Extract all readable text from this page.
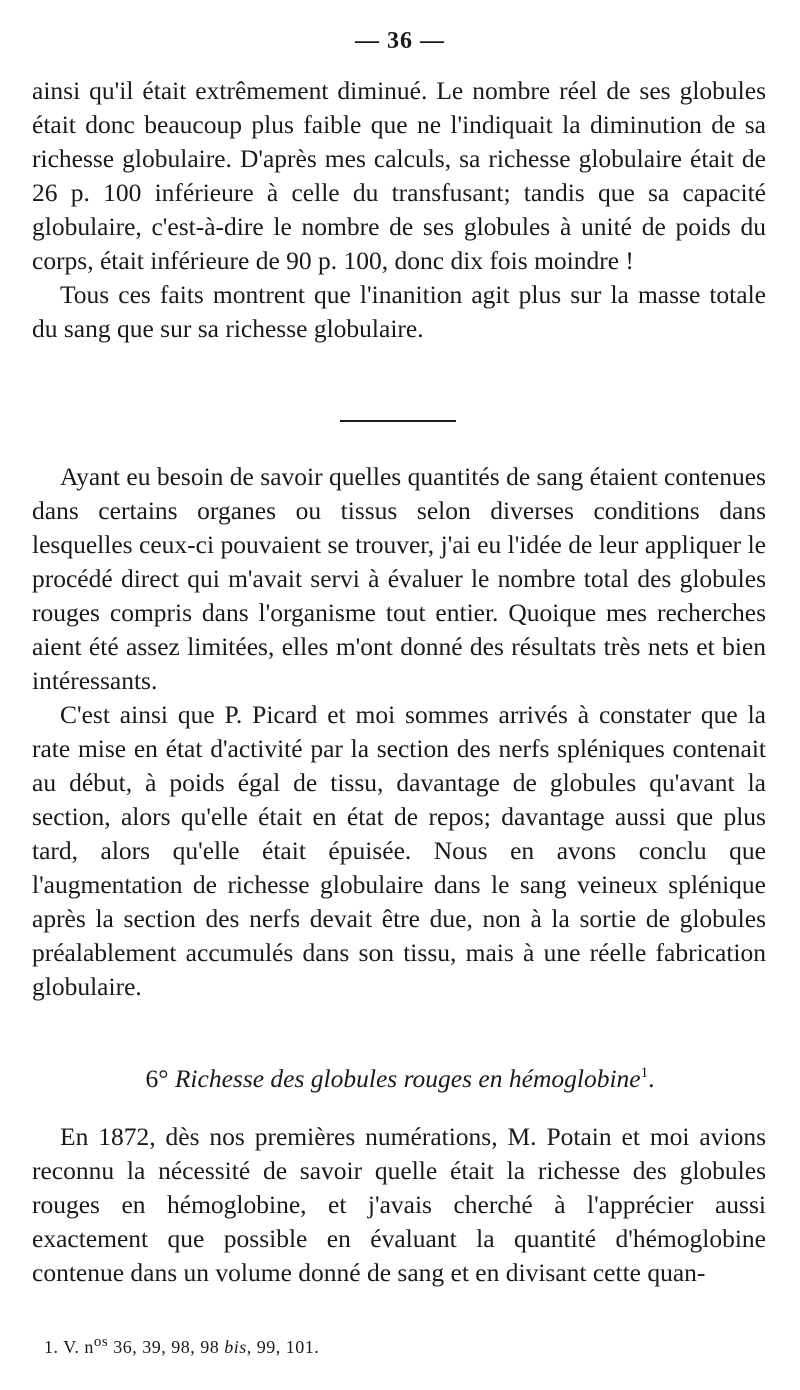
— 36 —

ainsi qu'il était extrêmement diminué. Le nombre réel de ses globules était donc beaucoup plus faible que ne l'indiquait la diminution de sa richesse globulaire. D'après mes calculs, sa richesse globulaire était de 26 p. 100 inférieure à celle du transfusant; tandis que sa capacité globulaire, c'est-à-dire le nombre de ses globules à unité de poids du corps, était inférieure de 90 p. 100, donc dix fois moindre !

Tous ces faits montrent que l'inanition agit plus sur la masse totale du sang que sur sa richesse globulaire.

Ayant eu besoin de savoir quelles quantités de sang étaient contenues dans certains organes ou tissus selon diverses conditions dans lesquelles ceux-ci pouvaient se trouver, j'ai eu l'idée de leur appliquer le procédé direct qui m'avait servi à évaluer le nombre total des globules rouges compris dans l'organisme tout entier. Quoique mes recherches aient été assez limitées, elles m'ont donné des résultats très nets et bien intéressants.

C'est ainsi que P. Picard et moi sommes arrivés à constater que la rate mise en état d'activité par la section des nerfs spléniques contenait au début, à poids égal de tissu, davantage de globules qu'avant la section, alors qu'elle était en état de repos; davantage aussi que plus tard, alors qu'elle était épuisée. Nous en avons conclu que l'augmentation de richesse globulaire dans le sang veineux splénique après la section des nerfs devait être due, non à la sortie de globules préalablement accumulés dans son tissu, mais à une réelle fabrication globulaire.

6° Richesse des globules rouges en hémoglobine$^1$.

En 1872, dès nos premières numérations, M. Potain et moi avions reconnu la nécessité de savoir quelle était la richesse des globules rouges en hémoglobine, et j'avais cherché à l'apprécier aussi exactement que possible en évaluant la quantité d'hémoglobine contenue dans un volume donné de sang et en divisant cette quan-

1. V. $n^{os}$ 36, 39, 98, 98 bis, 99, 101.
